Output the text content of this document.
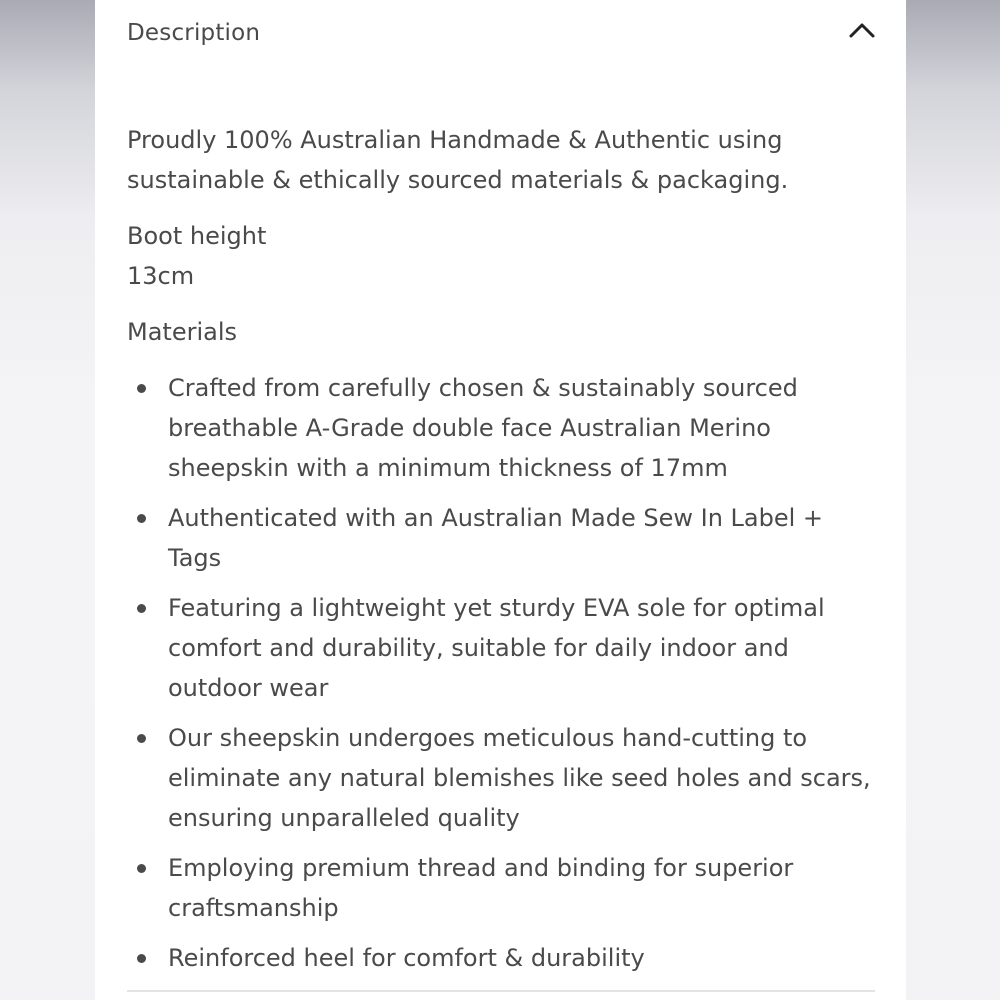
Description

Proudly 100% Australian Handmade & Authentic using sustainable & ethically sourced materials & packaging.

Boot height

13cm

Materials

Crafted from carefully chosen & sustainably sourced breathable A-Grade double face Australian Merino sheepskin with a minimum thickness of 17mm
Authenticated with an Australian Made Sew In Label + Tags
Featuring a lightweight yet sturdy EVA sole for optimal comfort and durability, suitable for daily indoor and outdoor wear
Our sheepskin undergoes meticulous hand-cutting to eliminate any natural blemishes like seed holes and scars, ensuring unparalleled quality
Employing premium thread and binding for superior craftsmanship
Reinforced heel for comfort & durability
